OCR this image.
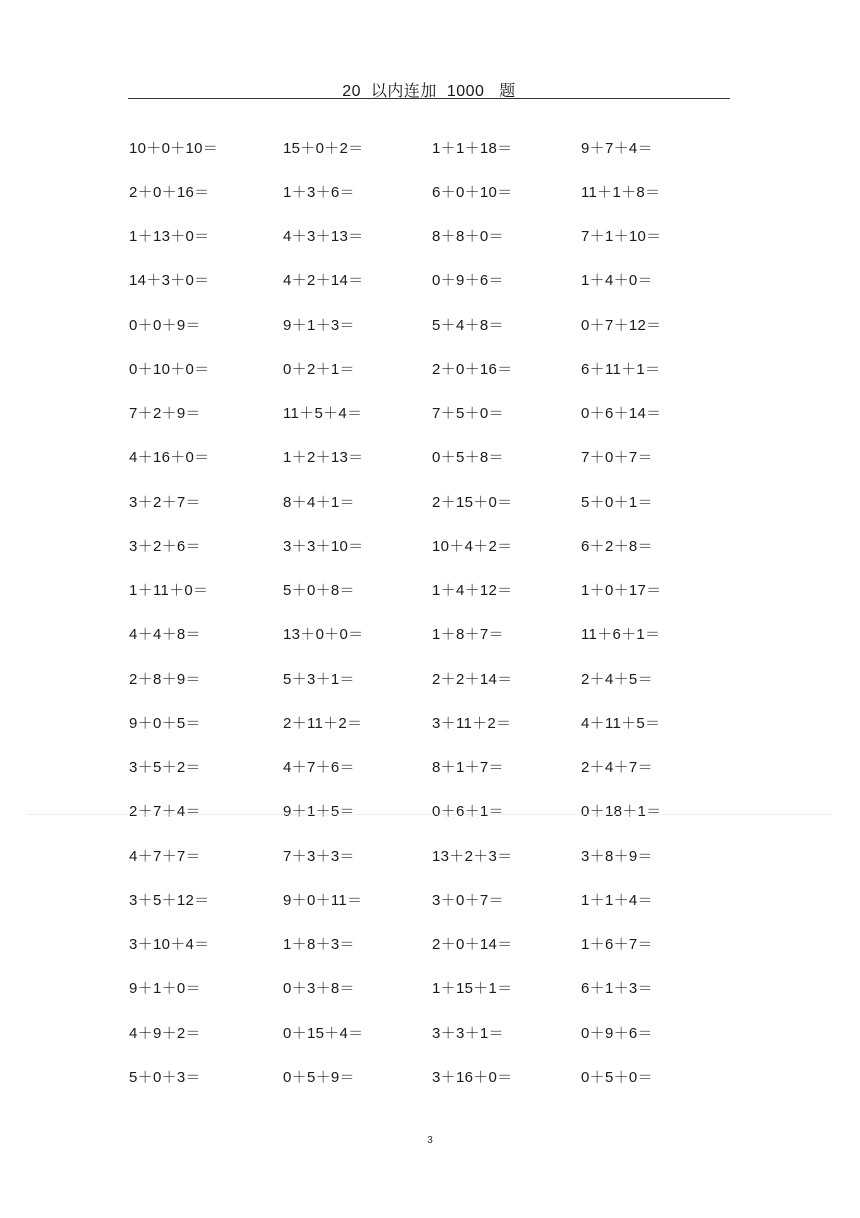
20  以内连加  1000   题
10＋0＋10＝	15＋0＋2＝	1＋1＋18＝	9＋7＋4＝
2＋0＋16＝	1＋3＋6＝	6＋0＋10＝	11＋1＋8＝
1＋13＋0＝	4＋3＋13＝	8＋8＋0＝	7＋1＋10＝
14＋3＋0＝	4＋2＋14＝	0＋9＋6＝	1＋4＋0＝
0＋0＋9＝	9＋1＋3＝	5＋4＋8＝	0＋7＋12＝
0＋10＋0＝	0＋2＋1＝	2＋0＋16＝	6＋11＋1＝
7＋2＋9＝	11＋5＋4＝	7＋5＋0＝	0＋6＋14＝
4＋16＋0＝	1＋2＋13＝	0＋5＋8＝	7＋0＋7＝
3＋2＋7＝	8＋4＋1＝	2＋15＋0＝	5＋0＋1＝
3＋2＋6＝	3＋3＋10＝	10＋4＋2＝	6＋2＋8＝
1＋11＋0＝	5＋0＋8＝	1＋4＋12＝	1＋0＋17＝
4＋4＋8＝	13＋0＋0＝	1＋8＋7＝	11＋6＋1＝
2＋8＋9＝	5＋3＋1＝	2＋2＋14＝	2＋4＋5＝
9＋0＋5＝	2＋11＋2＝	3＋11＋2＝	4＋11＋5＝
3＋5＋2＝	4＋7＋6＝	8＋1＋7＝	2＋4＋7＝
2＋7＋4＝	9＋1＋5＝	0＋6＋1＝	0＋18＋1＝
4＋7＋7＝	7＋3＋3＝	13＋2＋3＝	3＋8＋9＝
3＋5＋12＝	9＋0＋11＝	3＋0＋7＝	1＋1＋4＝
3＋10＋4＝	1＋8＋3＝	2＋0＋14＝	1＋6＋7＝
9＋1＋0＝	0＋3＋8＝	1＋15＋1＝	6＋1＋3＝
4＋9＋2＝	0＋15＋4＝	3＋3＋1＝	0＋9＋6＝
5＋0＋3＝	0＋5＋9＝	3＋16＋0＝	0＋5＋0＝
3
